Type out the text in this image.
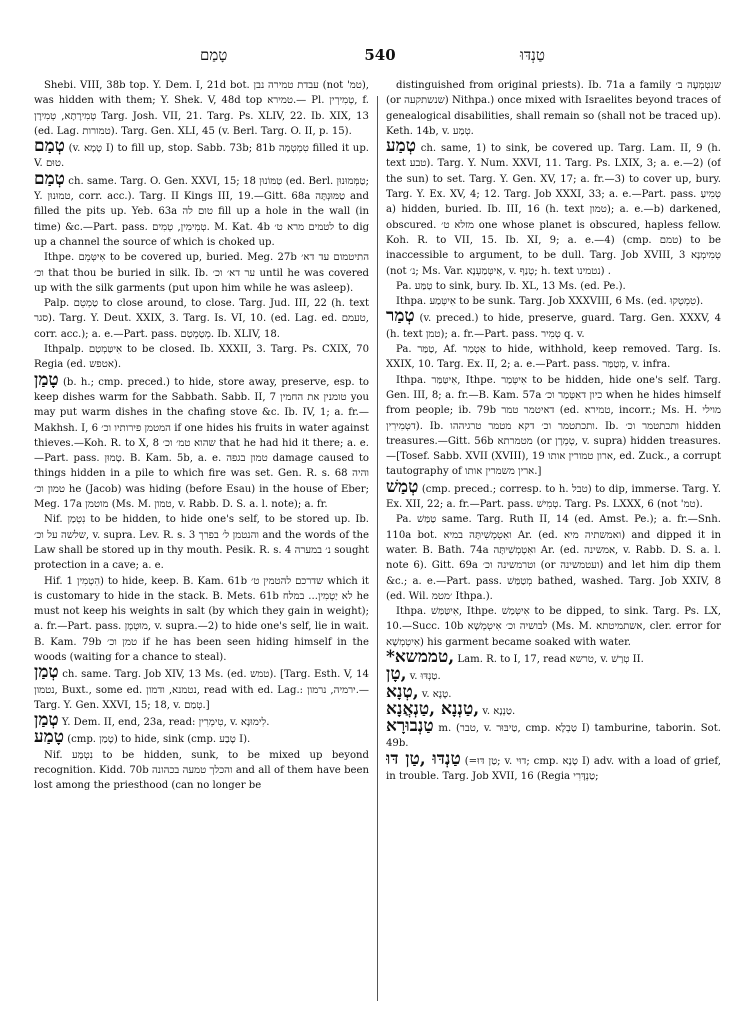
טָמַם	540	טַנְדּוּ

Shebi. VIII, 38b top. Y. Dem. I, 21d bot. עבדת טמירה נבן (not 'טמ), was hidden with them; Y. Shek. V, 48d top טמירא.— Pl. טְמִירְין, f. טְמִירָתָא, טְמִירָן Targ. Josh. VII, 21. Targ. Ps. XLIV, 22. Ib. XIX, 13 (ed. Lag. טמורות). Targ. Gen. XLI, 45 (v. Berl. Targ. O. II, p. 15).

טְמַם (v. טָמָא I) to fill up, stop. Sabb. 73b; 81b טִמְטְמָה filled it up. V. טוּם.

טְמַם ch. same. Targ. O. Gen. XXVI, 15; 18 טַמּוֹנוּן (ed. Berl. טַמְּמוּנוּן; Y. טמוּנוּן, corr. acc.). Targ. II Kings III, 19.—Gitt. 68a טַמּוּנְתָּה and filled the pits up. Yeb. 63a טום לה fill up a hole in the wall (in time) &c.—Part. pass. טְמִימִין, טְמִים. M. Kat. 4b לטמים מרא ט׳ to dig up a channel the source of which is choked up.

Ithpe. אִיטְּמֵם to be covered up, buried. Meg. 27b התיטמום עד דא׳ וכ׳ that thou be buried in silk. Ib. ער דא׳ וכ׳ until he was covered up with the silk garments (put upon him while he was asleep).

Palp. טַמְטֵם to close around, to close. Targ. Jud. III, 22 (h. text סגר). Targ. Y. Deut. XXIX, 3. Targ. Is. VI, 10. (ed. Lag. ed. טעמם, corr. acc.); a. e.—Part. pass. מְטַמְטַם. Ib. XLIV, 18.

Ithpalp. אִיטַּמְטַם to be closed. Ib. XXXII, 3. Targ. Ps. CXIX, 70 Regia (ed. אטפש).

טָמַן (b. h.; cmp. preced.) to hide, store away, preserve, esp. to keep dishes warm for the Sabbath. Sabb. II, 7 טומנין את החמין you may put warm dishes in the chafing stove &c. Ib. IV, 1; a. fr.—Makhsh. I, 6 המטמן פירותיו וכ׳ if one hides his fruits in water against thieves.—Koh. R. to X, 8 שהוא טמ׳ וכ׳ that he had hid it there; a. e.—Part. pass. טָמוּן. B. Kam. 5b, a. e. טמון בגפה damage caused to things hidden in a pile to which fire was set. Gen. R. s. 68 והיה טמון וכ׳ he (Jacob) was hiding (before Esau) in the house of Eber; Meg. 17a מוטמן (Ms. M. טמון, v. Rabb. D. S. a. l. note); a. fr.

Nif. נִטְמַן to be hidden, to hide one's self, to be stored up. Ib. שלשה על וכ׳, v. supra. Lev. R. s. 3 והנטמן ל׳ בפרך and the words of the Law shall be stored up in thy mouth. Pesik. R. s. 4 נ׳ במערה sought protection in a cave; a. e.

Hif. הִטְמִין 1) to hide, keep. B. Kam. 61b שדרכם להטמין ט׳ which it is customary to hide in the stack. B. Mets. 61b לא יַטְמִין... במלח he must not keep his weights in salt (by which they gain in weight); a. fr.—Part. pass. מוּטְמָן, v. supra.—2) to hide one's self, lie in wait. B. Kam. 79b טמן וכ׳ if he has been seen hiding himself in the woods (waiting for a chance to steal).

טְמַן ch. same. Targ. Job XIV, 13 Ms. (ed. טמש). [Targ. Esth. V, 14 נטמון, Buxt., some ed. נטמנא, ודמון, read with ed. Lag.: ירמיה, נרמון.—Targ. Y. Gen. XXVI, 15; 18, v. טְמַם.]

טְמַן Y. Dem. II, end, 23a, read: טִימְרִין, v. לִימוּנָא.

טָמַע (cmp. טָמַן) to hide, sink (cmp. טָבַע I).

Nif. נִטְמַע to be hidden, sunk, to be mixed up beyond recognition. Kidd. 70b והכלך טמעה בכהונה and all of them have been lost among the priesthood (can no longer be

distinguished from original priests). Ib. 71a a family שנִטְמְעָה ב׳ (or שנשתקעה) Nithpa.) once mixed with Israelites beyond traces of genealogical disabilities, shall remain so (shall not be traced up). Keth. 14b, v. טְמַע.

טְמַע ch. same, 1) to sink, be covered up. Targ. Lam. II, 9 (h. text טבע). Targ. Y. Num. XXVI, 11. Targ. Ps. LXIX, 3; a. e.—2) (of the sun) to set. Targ. Y. Gen. XV, 17; a. fr.—3) to cover up, bury. Targ. Y. Ex. XV, 4; 12. Targ. Job XXXI, 33; a. e.—Part. pass. טְמִיעַ a) hidden, buried. Ib. III, 16 (h. text טמון); a. e.—b) darkened, obscured. מזלא ט׳ one whose planet is obscured, hapless fellow. Koh. R. to VII, 15. Ib. XI, 9; a. e.—4) (cmp. טמם) to be inaccessible to argument, to be dull. Targ. Job XVIII, 3 טְמִימְנָא (not נ׳; Ms. Var. אִיטְּמַעְנָא, v. טְנַף; h. text נטמינו) .

Pa. טַמַּע to sink, bury. Ib. XL, 13 Ms. (ed. Pe.).

Ithpa. אִיטְּמַע to be sunk. Targ. Job XXXVIII, 6 Ms. (ed. טִמְטְקוּ).

טְמַר (v. preced.) to hide, preserve, guard. Targ. Gen. XXXV, 4 (h. text טמן); a. fr.—Part. pass. טְמִיר q. v.

Pa. טַמַּר, Af. אַטְמַר to hide, withhold, keep removed. Targ. Is. XXIX, 10. Targ. Ex. II, 2; a. e.—Part. pass. מְטַמַּר, v. infra.

Ithpa. אִיטַּמַּר, Ithpe. אִיטְּמַר to be hidden, hide one's self. Targ. Gen. III, 8; a. fr.—B. Kam. 57a כיון דאִטְּמַר וכ׳ when he hides himself from people; ib. 79b דאיטמר טמר (ed. טמירא, incorr.; Ms. H. מוילי דטְמִירִין). Ib. ותכתטמר וכ׳ דקא מטמר טרגיההו. Ib. ותכתטמר וכ׳ hidden treasures.—Gitt. 56b מטמרתא (or טְמְרָן, v. supra) hidden treasures.—[Tosef. Sabb. XVII (XVIII), 19 ארון טמורין אותו, ed. Zuck., a corrupt tautography of ארין משמרין אותו.]

טְמַשׁ (cmp. preced.; corresp. to h. טבל) to dip, immerse. Targ. Y. Ex. XII, 22; a. fr.—Part. pass. טְמִישׁ. Targ. Ps. LXXX, 6 (not 'טמ).

Pa. טַמַּשׁ same. Targ. Ruth II, 14 (ed. Amst. Pe.); a. fr.—Snh. 110a bot. ואִטְמְשִׁיתָּה במיא Ar. (ed. ואמשתיה מיא) and dipped it in water. B. Bath. 74a ואִטְמְשִׁיתָּה Ar. (ed. אמשינה, v. Rabb. D. S. a. l. note 6). Gitt. 69a וטרמשינה וכ׳ (or ועטמשינה) and let him dip them &c.; a. e.—Part. pass. מְטַמַּשׁ bathed, washed. Targ. Job XXIV, 8 (ed. Wil. ׳מטמ Ithpa.).

Ithpa. אִיטַּמַּשׁ, Ithpe. אִיטְּמַשׁ to be dipped, to sink. Targ. Ps. LX, 10.—Succ. 10b לבושיה וכ׳ אִיטְמְשָׁא (Ms. M. אשתמיטתא, cler. error for אִיטְמְשָׁא) his garment became soaked with water.

*טממשא, Lam. R. to I, 17, read טרשא, v. טְרַשׁ II.

טָן, v. טַנְדּוּ.

טְנָא, v. טֶנֶא.

טַנְנָא ,טַנְאֲנָא, v. טַנְנָא.

טַנְבוּרָא m. (טבר, v. טַיבּוּר, cmp. טַבְלָא I) tamburine, taborin. Sot. 49b.

טַנְדּוּ ,טַן דּוּ (=טַן דּוּ; v. דוּי; cmp. טָנָא I) adv. with a load of grief, in trouble. Targ. Job XVII, 16 (Regia טַנְדָּרִי;
